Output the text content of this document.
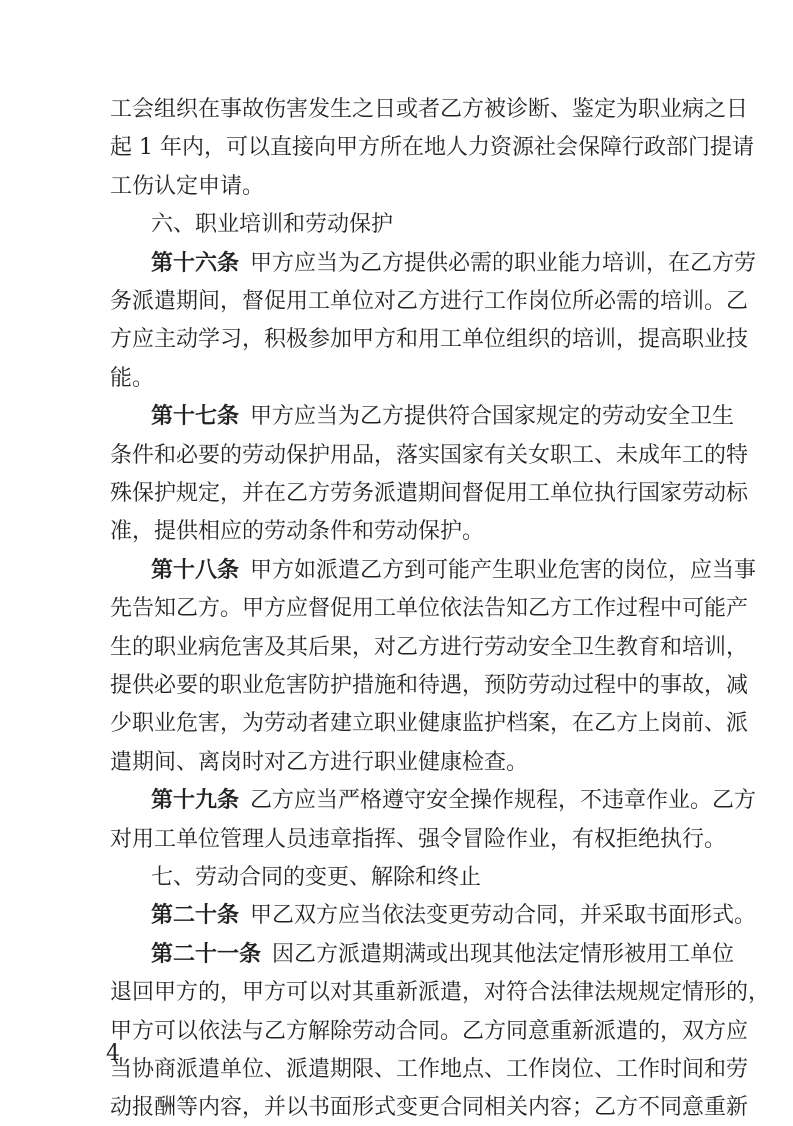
工会组织在事故伤害发生之日或者乙方被诊断、鉴定为职业病之日
起 1 年内，可以直接向甲方所在地人力资源社会保障行政部门提请
工伤认定申请。
六、职业培训和劳动保护
第十六条  甲方应当为乙方提供必需的职业能力培训，在乙方劳
务派遣期间，督促用工单位对乙方进行工作岗位所必需的培训。乙
方应主动学习，积极参加甲方和用工单位组织的培训，提高职业技
能。
第十七条  甲方应当为乙方提供符合国家规定的劳动安全卫生
条件和必要的劳动保护用品，落实国家有关女职工、未成年工的特
殊保护规定，并在乙方劳务派遣期间督促用工单位执行国家劳动标
准，提供相应的劳动条件和劳动保护。
第十八条  甲方如派遣乙方到可能产生职业危害的岗位，应当事
先告知乙方。甲方应督促用工单位依法告知乙方工作过程中可能产
生的职业病危害及其后果，对乙方进行劳动安全卫生教育和培训，
提供必要的职业危害防护措施和待遇，预防劳动过程中的事故，减
少职业危害，为劳动者建立职业健康监护档案，在乙方上岗前、派
遣期间、离岗时对乙方进行职业健康检查。
第十九条  乙方应当严格遵守安全操作规程，不违章作业。乙方
对用工单位管理人员违章指挥、强令冒险作业，有权拒绝执行。
七、劳动合同的变更、解除和终止
第二十条  甲乙双方应当依法变更劳动合同，并采取书面形式。
第二十一条  因乙方派遣期满或出现其他法定情形被用工单位
退回甲方的，甲方可以对其重新派遣，对符合法律法规规定情形的，
甲方可以依法与乙方解除劳动合同。乙方同意重新派遣的，双方应
当协商派遣单位、派遣期限、工作地点、工作岗位、工作时间和劳
动报酬等内容，并以书面形式变更合同相关内容；乙方不同意重新
4
